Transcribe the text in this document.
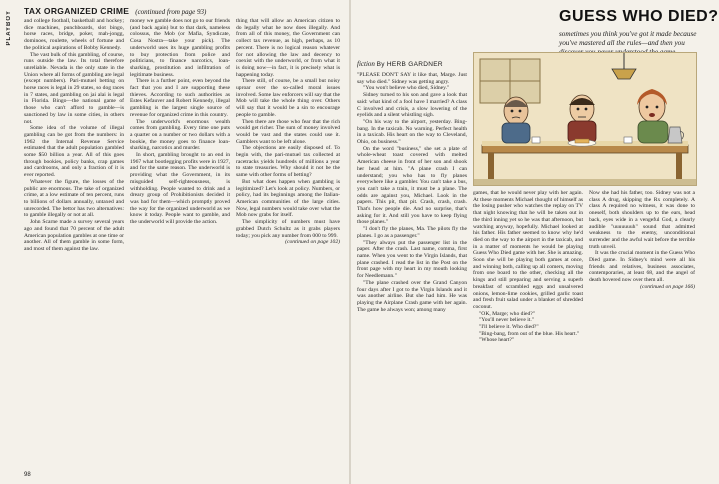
PLAYBOY TAX ORGANIZED CRIME (continued from page 93)

and college football, basketball and hockey; dice machines, punchboards, slot bingo, horse races, bridge, poker, mah-jongg, dominoes, roulette, wheels of fortune and the political aspirations of Bobby Kennedy.

The vast bulk of this gambling, of course, runs outside the law. Its total therefore unreliable. Nevada is the only state in the Union where all forms of gambling are legal (except numbers). Pari-mutuel betting on horse races is legal in 29 states, so dog races in 7 states, and gambling on jai alai is legal in Florida. Bingo—the national game of those who can't afford to gamble—is sanctioned by law in some cities, in others not.

Some idea of the volume of illegal gambling can be got from the numbers: in 1962 the Internal Revenue Service estimated that the adult population gambled some $50 billion a year. All of this goes through bookies, policy banks, crap games and cardrooms, and only a fraction of it is ever reported.

Whatever the figure, the losses of the public are enormous. The take of organized crime, at a low estimate of ten percent, runs to billions of dollars annually, untaxed and unrecorded. The bettor has two alternatives: to gamble illegally or not at all.

John Scarne made a survey several years ago and found that 70 percent of the adult American population gambles at one time or another. All of them gamble in some form, and most of them against the law.

money we gamble does not go to our friends (and back again) but to that dark, nameless colossus, the Mob (or Mafia, Syndicate, Cosa Nostra—take your pick). The underworld uses its huge gambling profits to buy protection from police and politicians, to finance narcotics, loan-sharking, prostitution and infiltration of legitimate business.

There is a further point, even beyond the fact that you and I are supporting these thieves. According to such authorities as Estes Kefauver and Robert Kennedy, illegal gambling is the largest single source of revenue for organized crime in this country.

The underworld's enormous wealth comes from gambling. Every time one puts a quarter on a number or two dollars with a bookie, the money goes to finance loan-sharking, narcotics and murder.

In short, gambling brought to an end in 1967 what bootlegging profits were in 1927, and for the same reason. The underworld is providing what the Government, in its misguided self-righteousness, is withholding. People wanted to drink and a dreary group of Prohibitionists decided it was bad for them—which promptly proved the way for the organized underworld as we know it today. People want to gamble, and the underworld will provide the action.

thing that will allow an American citizen to do legally what he now does illegally. And from all of this money, the Government can collect tax revenue, as high, perhaps, as 10 percent. There is no logical reason whatever for not allowing the law and decency to coexist with the underworld, or from what it is doing now—in fact, it is precisely what is happening today.

There still, of course, be a small but noisy uproar over the so-called moral issues involved. Some law enforcers will say that the Mob will take the whole thing over. Others will say that it would be a sin to encourage people to gamble.

Then there are those who fear that the rich would get richer. The sum of money involved would be vast and the states could use it. Gamblers want to be left alone.

The objections are easily disposed of. To begin with, the pari-mutuel tax collected at racetracks yields hundreds of millions a year to state treasuries. Why should it not be the same with other forms of betting?

But what does happen when gambling is legitimized? Let's look at policy. Numbers, or policy, had its beginnings among the Italian-American communities of the large cities. Now, legal numbers would take over what the Mob now grabs for itself.

The simplicity of numbers must have grabbed Dutch Schultz as it grabs players today; you pick any number from 000 to 999.

(continued on page 102)

98
GUESS WHO DIED?
sometimes you think you've got it made because you've mastered all the rules—and then you
fiction By HERB GARDNER

"PLEASE DON'T SAY it like that, Marge. Just say who died." Sidney was getting angry.

"You won't believe who died, Sidney."

Sidney turned to his son and gave a look that said: what kind of a fool have I married? A class C involved and crisis, a slow lowering of the eyelids and a silent whistling sigh.

"On his way to the airport, yesterday. Bing-bang. In the taxicab. No warning. Perfect health in a taxicab. His heart on the way to Cleveland, Ohio, on business."

On the word "business," she set a plate of whole-wheat toast covered with melted American cheese in front of her son and shook her head at him. "A plane crash I can understand; you who has to fly planes everywhere like a gambler. You can't take a bus, you can't take a train, it must be a plane. The odds are against you, Michael. Look in the papers. This pit, that pit. Crash, crash, crash. That's how people die. And no surprise, that's asking for it. And still you have to keep flying those planes."

"I don't fly the planes, Ma. The pilots fly the planes. I go as a passenger."

"They always put the passenger list in the paper. After the crash. Last name, comma, first name. When you went to the Virgin Islands, that plane crashed. I read the list in the Post on the front page with my heart in my mouth looking for Needlemann."

"The plane crashed over the Grand Canyon four days after I got to the Virgin Islands and it was another airline. But she had him. He was playing the Airplane Crash game with her again. The game he always won; among many

games, that he would never play with her again. At these moments Michael thought of himself as the losing pusher who watches the replay on TV that night knowing that he will be taken out in the third inning yet so he was that afternoon, but watching anyway, hopefully. Michael looked at his father. His father seemed to know why he'd died on the way to the airport in the taxicab, and in a matter of moments he would be playing Guess Who Died game with her. She is amazing. Soon she will be playing both games at once, and winning both, calling up all comers, moving from one board to the other, checking all the kings and still preparing and serving a superb breakfast of scrambled eggs and unsalvered onions, lemon-lime cookies, grilled garlic toast and fresh fruit salad under a blanket of shredded coconut.

"OK, Marge; who died?"

"You'll never believe it."

"I'll believe it. Who died?"

"Bing-bang, from out of the blue. His heart."

"Whose heart?"

Now she had his father, too. Sidney was not a class A drug, skipping the Rx completely. A class A required no witness, it was done to oneself, both shoulders up to the ears, head back, eyes wide in a vengeful God, a clearly audible "uuuuuuuh" sound that admitted weakness to the enemy, unconditional surrender and the awful wait before the terrible truth unveil.

It was the crucial moment in the Guess Who Died game. In Sidney's mind were all his friends and relatives, business associates, contemporaries, at least 68, and the angel of death hovered now over them all.

(continued on page 166)
